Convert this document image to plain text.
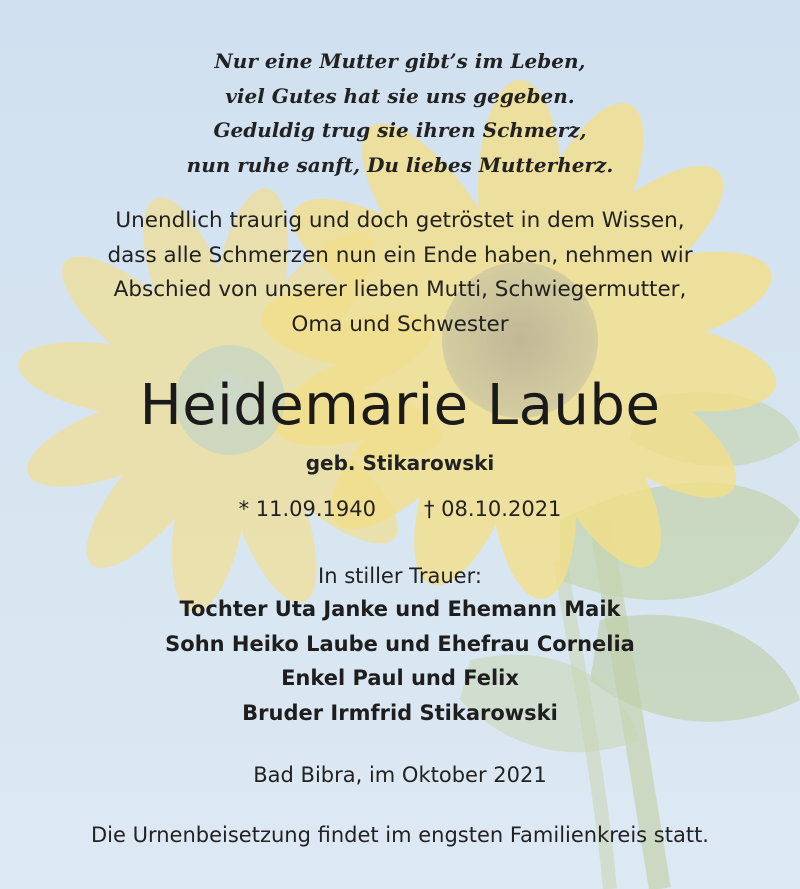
Nur eine Mutter gibt’s im Leben,
viel Gutes hat sie uns gegeben.
Geduldig trug sie ihren Schmerz,
nun ruhe sanft, Du liebes Mutterherz.
Unendlich traurig und doch getröstet in dem Wissen,
dass alle Schmerzen nun ein Ende haben, nehmen wir
Abschied von unserer lieben Mutti, Schwiegermutter,
Oma und Schwester
Heidemarie Laube
geb. Stikarowski
* 11.09.1940 † 08.10.2021
In stiller Trauer:
Tochter Uta Janke und Ehemann Maik
Sohn Heiko Laube und Ehefrau Cornelia
Enkel Paul und Felix
Bruder Irmfrid Stikarowski
Bad Bibra, im Oktober 2021
Die Urnenbeisetzung findet im engsten Familienkreis statt.
